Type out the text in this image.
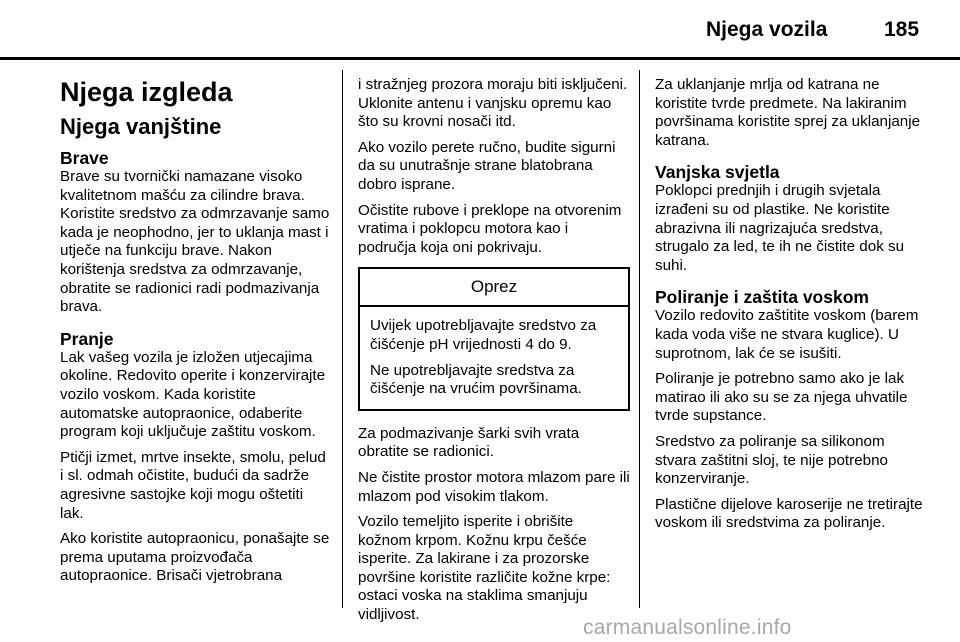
Njega vozila	185
Njega izgleda
Njega vanjštine
Brave

Brave su tvornički namazane visoko kvalitetnom mašću za cilindre brava. Koristite sredstvo za odmrzavanje samo kada je neophodno, jer to uklanja mast i utječe na funkciju brave. Nakon korištenja sredstva za odmrzavanje, obratite se radionici radi podmazivanja brava.

Pranje

Lak vašeg vozila je izložen utjecajima okoline. Redovito operite i konzervirajte vozilo voskom. Kada koristite automatske autopraonice, odaberite program koji uključuje zaštitu voskom.

Ptičji izmet, mrtve insekte, smolu, pelud i sl. odmah očistite, budući da sadrže agresivne sastojke koji mogu oštetiti lak.

Ako koristite autopraonicu, ponašajte se prema uputama proizvođača autopraonice. Brisači vjetrobrana

i stražnjeg prozora moraju biti isključeni. Uklonite antenu i vanjsku opremu kao što su krovni nosači itd.

Ako vozilo perete ručno, budite sigurni da su unutrašnje strane blatobrana dobro isprane.

Očistite rubove i preklope na otvorenim vratima i poklopcu motora kao i područja koja oni pokrivaju.

Oprez

Uvijek upotrebljavajte sredstvo za čišćenje pH vrijednosti 4 do 9.

Ne upotrebljavajte sredstva za čišćenje na vrućim površinama.

Za podmazivanje šarki svih vrata obratite se radionici.

Ne čistite prostor motora mlazom pare ili mlazom pod visokim tlakom.

Vozilo temeljito isperite i obrišite kožnom krpom. Kožnu krpu češće isperite. Za lakirane i za prozorske površine koristite različite kožne krpe: ostaci voska na staklima smanjuju vidljivost.

Za uklanjanje mrlja od katrana ne koristite tvrde predmete. Na lakiranim površinama koristite sprej za uklanjanje katrana.

Vanjska svjetla

Poklopci prednjih i drugih svjetala izrađeni su od plastike. Ne koristite abrazivna ili nagrizajuća sredstva, strugalo za led, te ih ne čistite dok su suhi.

Poliranje i zaštita voskom

Vozilo redovito zaštitite voskom (barem kada voda više ne stvara kuglice). U suprotnom, lak će se isušiti.

Poliranje je potrebno samo ako je lak matirao ili ako su se za njega uhvatile tvrde supstance.

Sredstvo za poliranje sa silikonom stvara zaštitni sloj, te nije potrebno konzerviranje.

Plastične dijelove karoserije ne tretirajte voskom ili sredstvima za poliranje.

carmanualsonline.info
